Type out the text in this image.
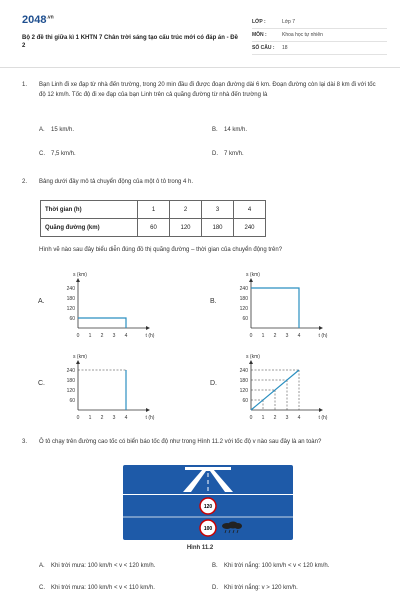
$2048^{.vn}$
Bộ 2 đề thi giữa kì 1 KHTN 7 Chân trời sáng tạo cấu trúc mới có đáp án - Đề 2
LỚP :	Lớp 7
MÔN :	Khoa học tự nhiên
SỐ CÂU :	18
1. Bạn Linh đi xe đạp từ nhà đến trường, trong 20 min đầu đi được đoạn đường dài 6 km. Đoạn đường còn lại dài 8 km đi với tốc độ 12 km/h. Tốc độ đi xe đạp của bạn Linh trên cả quãng đường từ nhà đến trường là
A. 15 km/h.	B. 14 km/h.
C. 7,5 km/h.	D. 7 km/h.
2. Bảng dưới đây mô tả chuyển động của một ô tô trong 4 h.
Thời gian (h)	1	2	3	4
Quãng đường (km)	60	120	180	240
Hình vẽ nào sau đây biểu diễn đúng đồ thị quãng đường – thời gian của chuyển động trên?
A.	B.
C.	D.
s (km)
t (h)
240
180
120
60
0 1 2 3 4
s (km)
t (h)
240
180
120
60
0 1 2 3 4
s (km)
t (h)
240
180
120
60
0 1 2 3 4
s (km)
t (h)
240
180
120
60
0 1 2 3 4
3. Ô tô chạy trên đường cao tốc có biển báo tốc độ như trong Hình 11.2 với tốc độ v nào sau đây là an toàn?
120
100
Hình 11.2
A. Khi trời mưa: 100 km/h < v < 120 km/h.	B. Khi trời nắng: 100 km/h < v < 120 km/h.
C. Khi trời mưa: 100 km/h < v < 110 km/h.	D. Khi trời nắng: v > 120 km/h.
